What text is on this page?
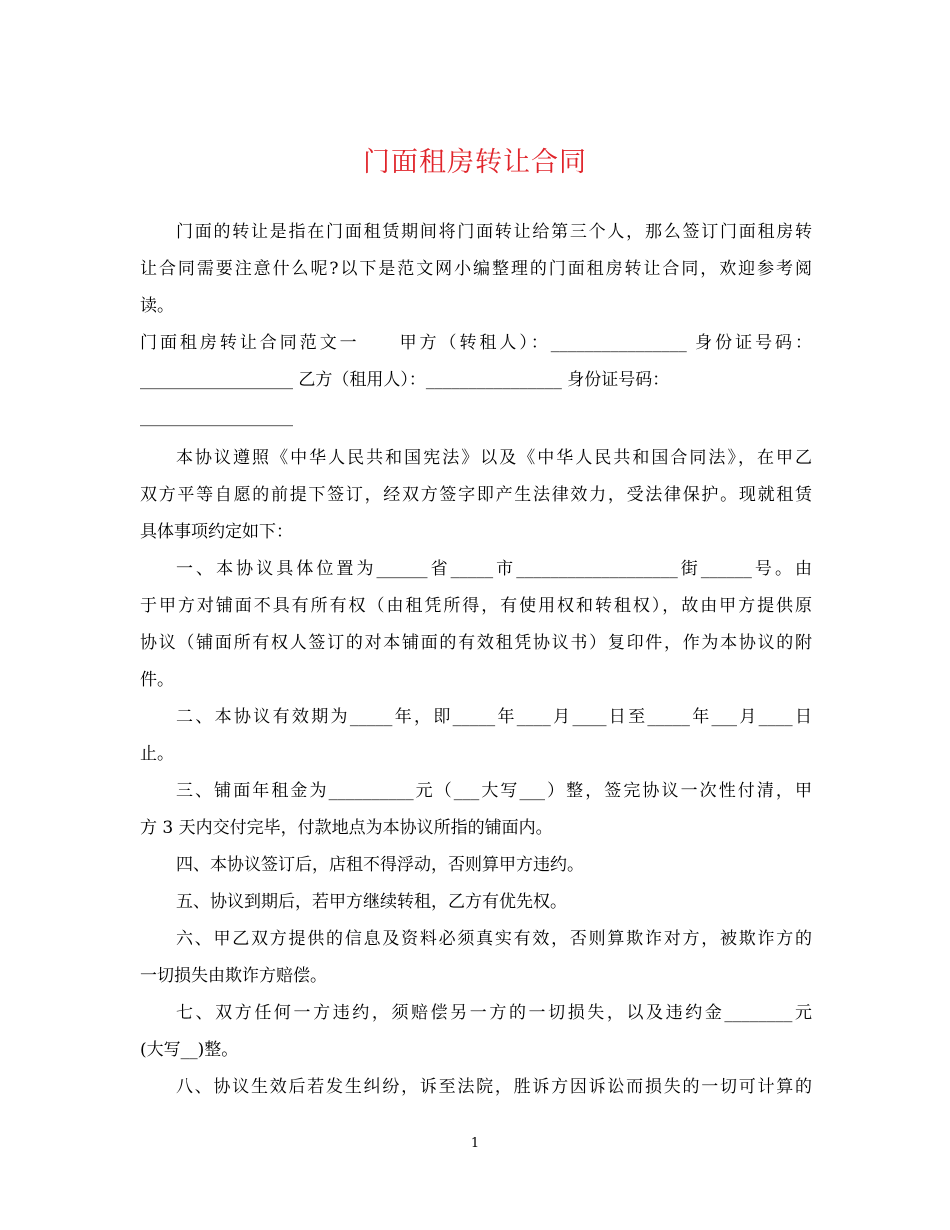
门面租房转让合同
门面的转让是指在门面租赁期间将门面转让给第三个人，那么签订门面租房转
让合同需要注意什么呢?以下是范文网小编整理的门面租房转让合同，欢迎参考阅
读。
门面租房转让合同范文一　　甲方（转租人）：________________ 身份证号码：
__________________ 乙方（租用人）：________________ 身份证号码：
__________________
本协议遵照《中华人民共和国宪法》以及《中华人民共和国合同法》，在甲乙
双方平等自愿的前提下签订，经双方签字即产生法律效力，受法律保护。现就租赁
具体事项约定如下：
一、本协议具体位置为______省_____市___________________街______号。由
于甲方对铺面不具有所有权（由租凭所得，有使用权和转租权），故由甲方提供原
协议（铺面所有权人签订的对本铺面的有效租凭协议书）复印件，作为本协议的附
件。
二、本协议有效期为_____年，即_____年____月____日至_____年___月____日
止。
三、铺面年租金为__________元（___大写___）整，签完协议一次性付清，甲
方 3 天内交付完毕，付款地点为本协议所指的铺面内。
四、本协议签订后，店租不得浮动，否则算甲方违约。
五、协议到期后，若甲方继续转租，乙方有优先权。
六、甲乙双方提供的信息及资料必须真实有效，否则算欺诈对方，被欺诈方的
一切损失由欺诈方赔偿。
七、双方任何一方违约，须赔偿另一方的一切损失，以及违约金________元
(大写__)整。
八、协议生效后若发生纠纷，诉至法院，胜诉方因诉讼而损失的一切可计算的
1
